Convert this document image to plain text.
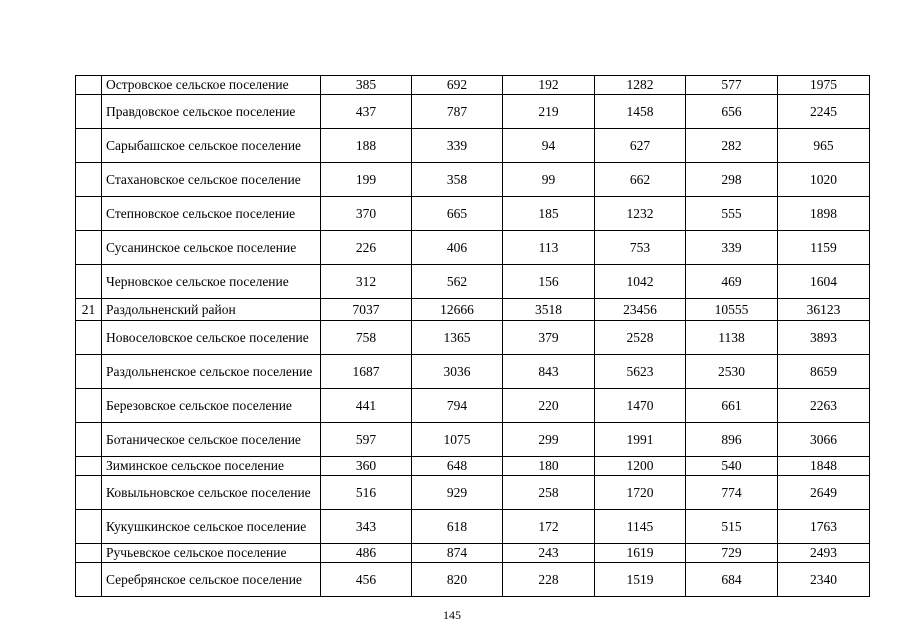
	Островское сельское поселение	385	692	192	1282	577	1975
	Правдовское сельское поселение	437	787	219	1458	656	2245
	Сарыбашское сельское поселение	188	339	94	627	282	965
	Стахановское сельское поселение	199	358	99	662	298	1020
	Степновское сельское поселение	370	665	185	1232	555	1898
	Сусанинское сельское поселение	226	406	113	753	339	1159
	Черновское сельское поселение	312	562	156	1042	469	1604
21	Раздольненский район	7037	12666	3518	23456	10555	36123
	Новоселовское сельское поселение	758	1365	379	2528	1138	3893
	Раздольненское сельское поселение	1687	3036	843	5623	2530	8659
	Березовское сельское поселение	441	794	220	1470	661	2263
	Ботаническое сельское поселение	597	1075	299	1991	896	3066
	Зиминское сельское поселение	360	648	180	1200	540	1848
	Ковыльновское сельское поселение	516	929	258	1720	774	2649
	Кукушкинское сельское поселение	343	618	172	1145	515	1763
	Ручьевское сельское поселение	486	874	243	1619	729	2493
	Серебрянское сельское поселение	456	820	228	1519	684	2340
145
